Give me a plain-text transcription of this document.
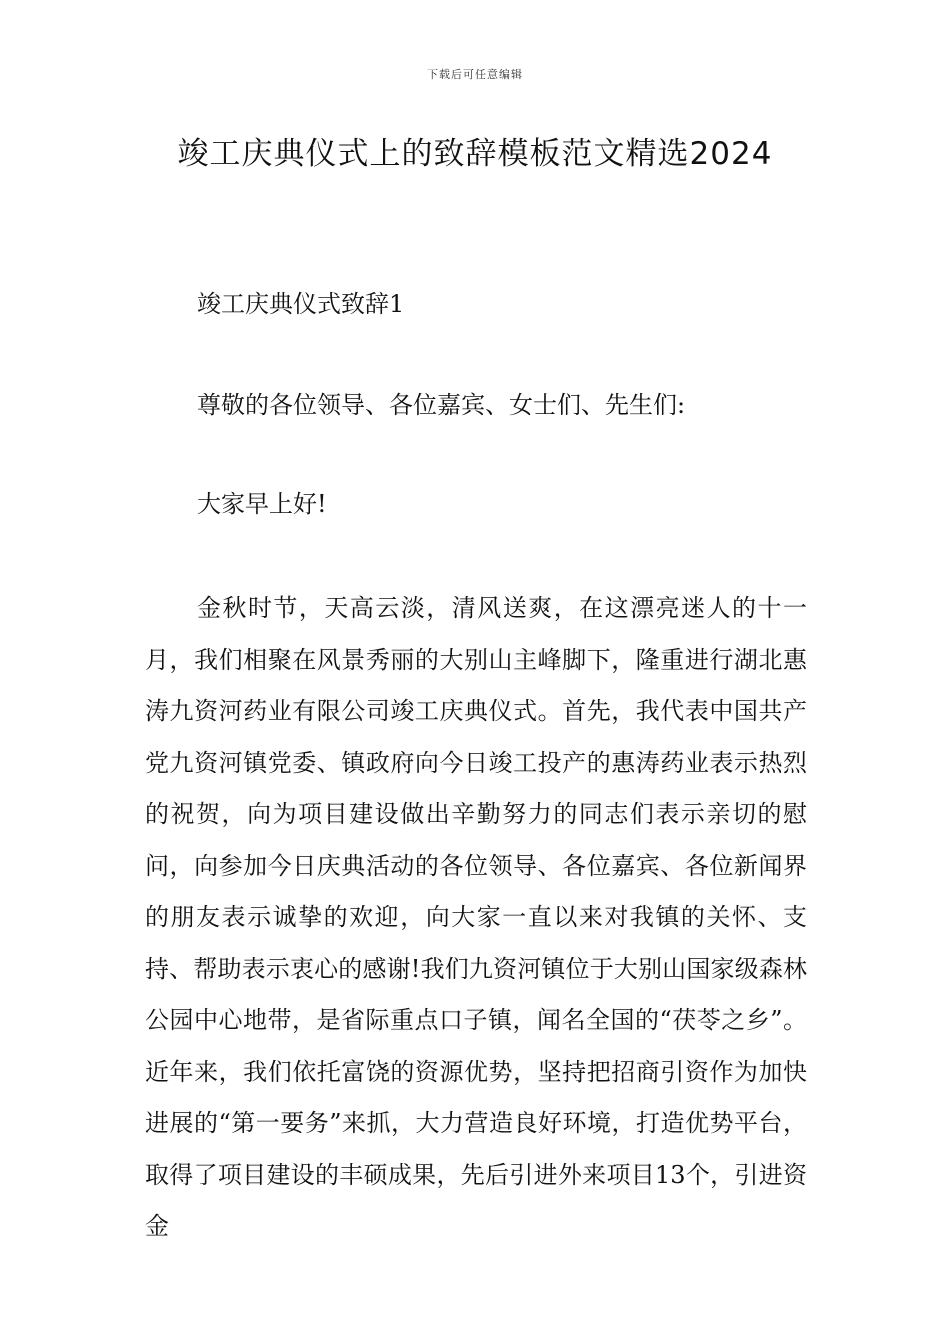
下载后可任意编辑
竣工庆典仪式上的致辞模板范文精选2024

竣工庆典仪式致辞1

尊敬的各位领导、各位嘉宾、女士们、先生们:

大家早上好!

金秋时节，天高云淡，清风送爽，在这漂亮迷人的十一月，我们相聚在风景秀丽的大别山主峰脚下，隆重进行湖北惠涛九资河药业有限公司竣工庆典仪式。首先，我代表中国共产党九资河镇党委、镇政府向今日竣工投产的惠涛药业表示热烈的祝贺，向为项目建设做出辛勤努力的同志们表示亲切的慰问，向参加今日庆典活动的各位领导、各位嘉宾、各位新闻界的朋友表示诚挚的欢迎，向大家一直以来对我镇的关怀、支持、帮助表示衷心的感谢!我们九资河镇位于大别山国家级森林公园中心地带，是省际重点口子镇，闻名全国的“茯苓之乡”。近年来，我们依托富饶的资源优势，坚持把招商引资作为加快进展的“第一要务”来抓，大力营造良好环境，打造优势平台，取得了项目建设的丰硕成果，先后引进外来项目13个，引进资金
